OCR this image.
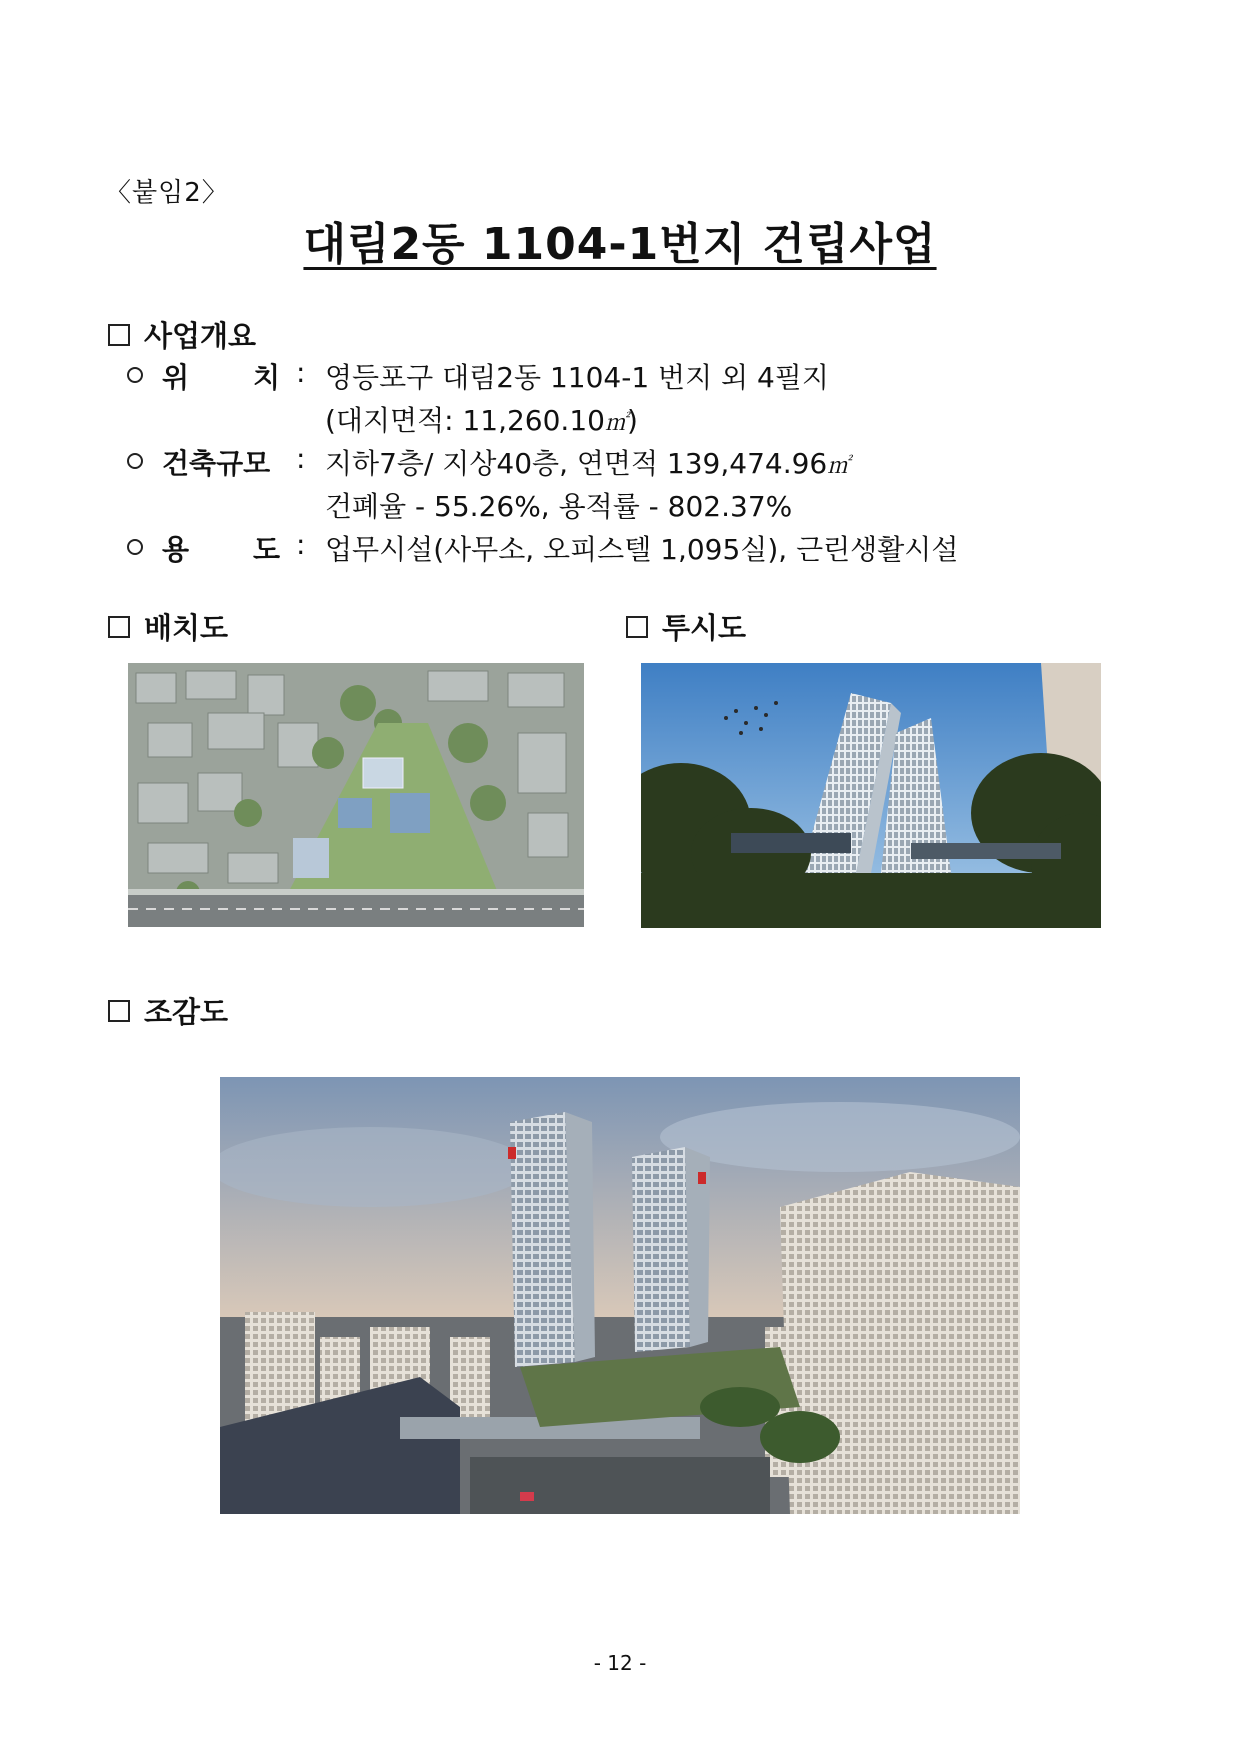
〈붙임2〉
대림2동 1104-1번지 건립사업
사업개요
위 치 : 영등포구 대림2동 1104-1 번지 외 4필지
(대지면적: 11,260.10㎡)
건축규모 : 지하7층/ 지상40층, 연면적 139,474.96㎡
건폐율 - 55.26%, 용적률 - 802.37%
용 도 : 업무시설(사무소, 오피스텔 1,095실), 근린생활시설
배치도	투시도
조감도
- 12 -
